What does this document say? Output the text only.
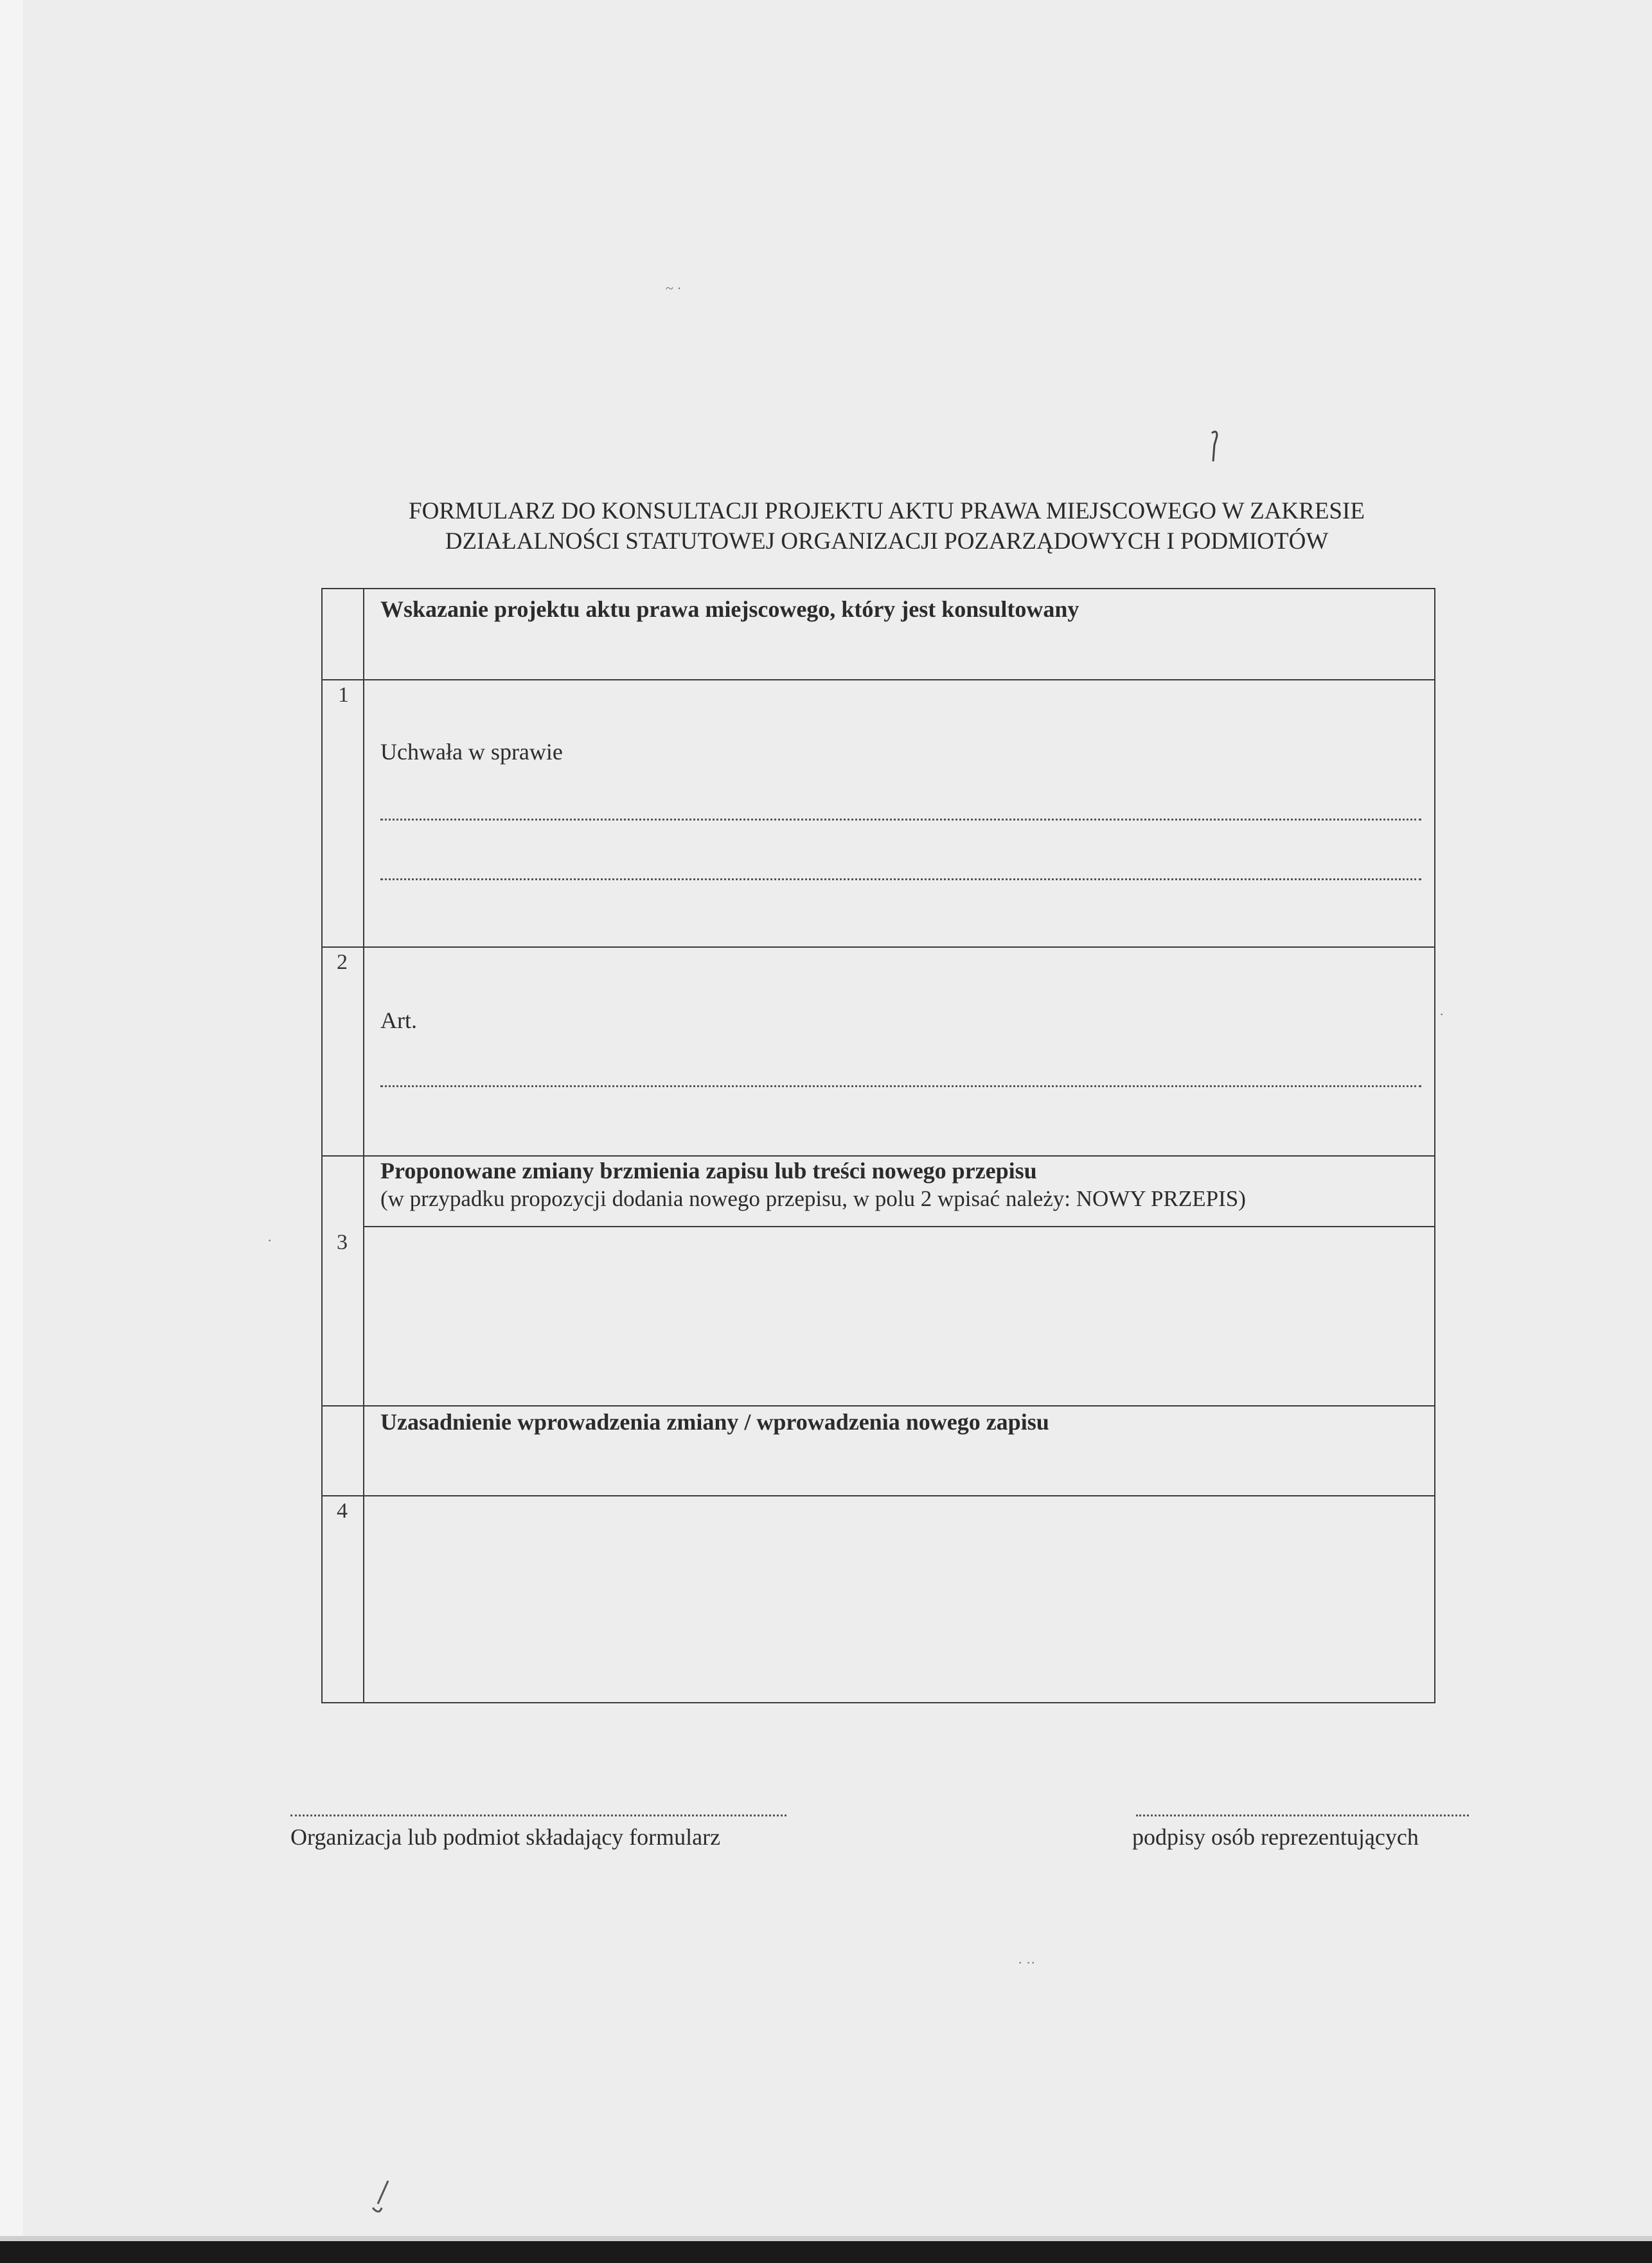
FORMULARZ DO KONSULTACJI PROJEKTU AKTU PRAWA MIEJSCOWEGO W ZAKRESIE
DZIAŁALNOŚCI STATUTOWEJ ORGANIZACJI POZARZĄDOWYCH I PODMIOTÓW
1
2
3
4
Wskazanie projektu aktu prawa miejscowego, który jest konsultowany
Uchwała w sprawie
Art.
Proponowane zmiany brzmienia zapisu lub treści nowego przepisu
(w przypadku propozycji dodania nowego przepisu, w polu 2 wpisać należy: NOWY PRZEPIS)
Uzasadnienie wprowadzenia zmiany / wprowadzenia nowego zapisu
Organizacja lub podmiot składający formularz	podpisy osób reprezentujących
~ ·
·
·
· ··
